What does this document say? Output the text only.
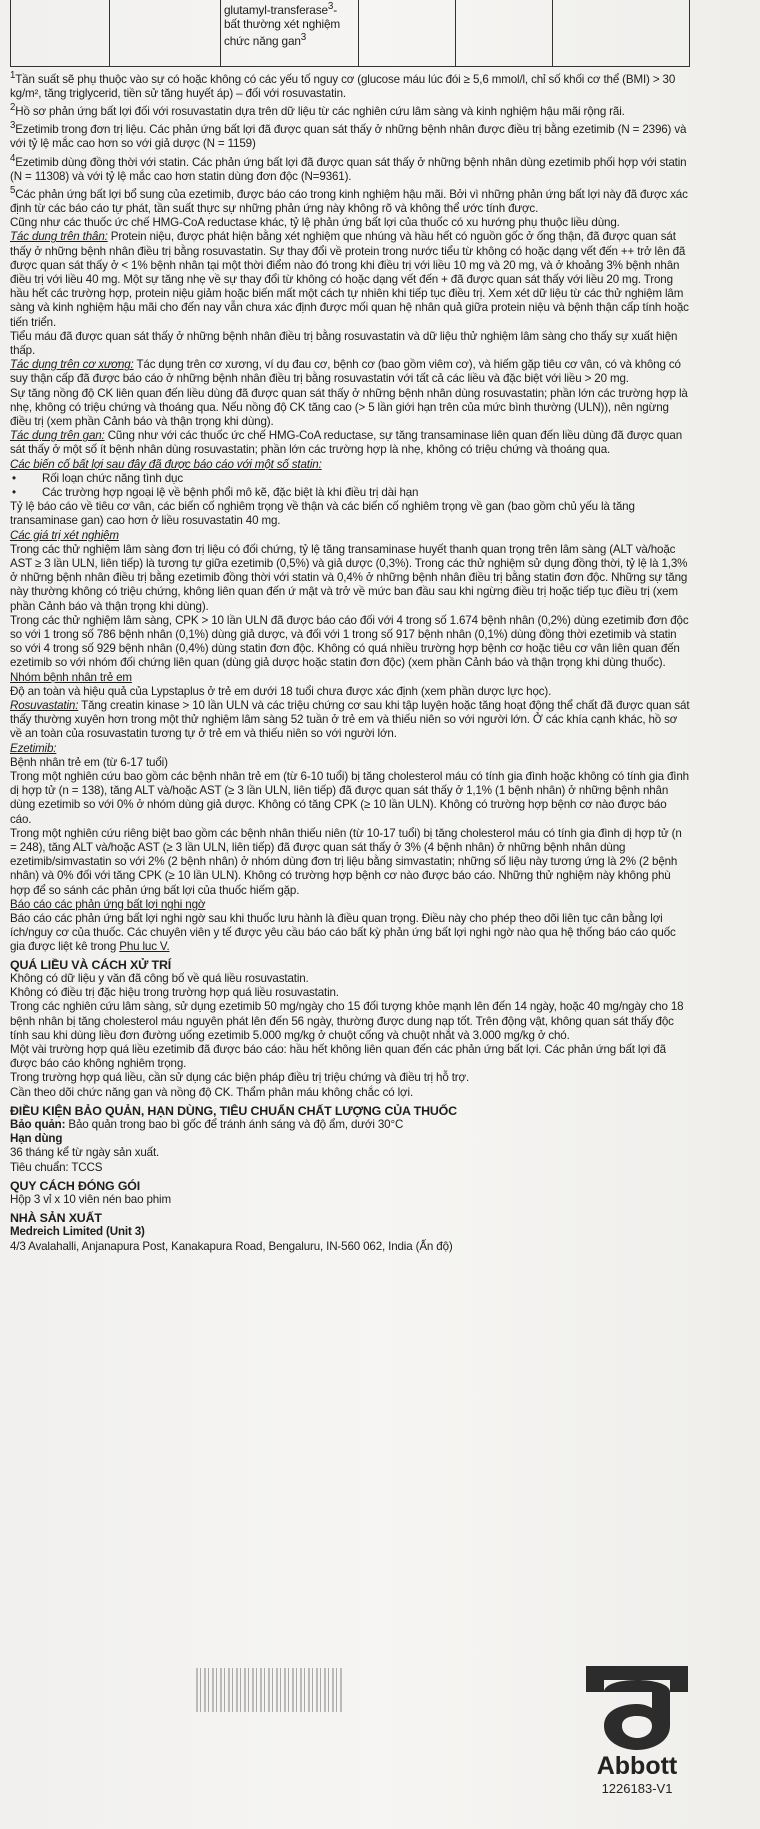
glutamyl-transferase$^3$-
bất thường xét nghiệm
chức năng gan$^3$

$^1$Tần suất sẽ phụ thuộc vào sự có hoặc không có các yếu tố nguy cơ (glucose máu lúc đói ≥ 5,6 mmol/l, chỉ số khối cơ thể (BMI) > 30 kg/m², tăng triglycerid, tiền sử tăng huyết áp) – đối với rosuvastatin.

$^2$Hồ sơ phản ứng bất lợi đối với rosuvastatin dựa trên dữ liệu từ các nghiên cứu lâm sàng và kinh nghiệm hậu mãi rộng rãi.

$^3$Ezetimib trong đơn trị liệu. Các phản ứng bất lợi đã được quan sát thấy ở những bệnh nhân được điều trị bằng ezetimib (N = 2396) và với tỷ lệ mắc cao hơn so với giả dược (N = 1159)

$^4$Ezetimib dùng đồng thời với statin. Các phản ứng bất lợi đã được quan sát thấy ở những bệnh nhân dùng ezetimib phối hợp với statin (N = 11308) và với tỷ lệ mắc cao hơn statin dùng đơn độc (N=9361).

$^5$Các phản ứng bất lợi bổ sung của ezetimib, được báo cáo trong kinh nghiệm hậu mãi. Bởi vì những phản ứng bất lợi này đã được xác định từ các báo cáo tự phát, tần suất thực sự những phản ứng này không rõ và không thể ước tính được.

Cũng như các thuốc ức chế HMG-CoA reductase khác, tỷ lệ phản ứng bất lợi của thuốc có xu hướng phụ thuộc liều dùng.

Tác dụng trên thận: Protein niệu, được phát hiện bằng xét nghiệm que nhúng và hầu hết có nguồn gốc ở ống thận, đã được quan sát thấy ở những bệnh nhân điều trị bằng rosuvastatin. Sự thay đổi về protein trong nước tiểu từ không có hoặc dạng vết đến ++ trở lên đã được quan sát thấy ở < 1% bệnh nhân tại một thời điểm nào đó trong khi điều trị với liều 10 mg và 20 mg, và ở khoảng 3% bệnh nhân điều trị với liều 40 mg. Một sự tăng nhẹ về sự thay đổi từ không có hoặc dạng vết đến + đã được quan sát thấy với liều 20 mg. Trong hầu hết các trường hợp, protein niệu giảm hoặc biến mất một cách tự nhiên khi tiếp tục điều trị. Xem xét dữ liệu từ các thử nghiệm lâm sàng và kinh nghiệm hậu mãi cho đến nay vẫn chưa xác định được mối quan hệ nhân quả giữa protein niệu và bệnh thận cấp tính hoặc tiến triển.

Tiểu máu đã được quan sát thấy ở những bệnh nhân điều trị bằng rosuvastatin và dữ liệu thử nghiệm lâm sàng cho thấy sự xuất hiện thấp.

Tác dụng trên cơ xương: Tác dụng trên cơ xương, ví dụ đau cơ, bệnh cơ (bao gồm viêm cơ), và hiếm gặp tiêu cơ vân, có và không có suy thận cấp đã được báo cáo ở những bệnh nhân điều trị bằng rosuvastatin với tất cả các liều và đặc biệt với liều > 20 mg.

Sự tăng nồng độ CK liên quan đến liều dùng đã được quan sát thấy ở những bệnh nhân dùng rosuvastatin; phần lớn các trường hợp là nhẹ, không có triệu chứng và thoáng qua. Nếu nồng độ CK tăng cao (> 5 lần giới hạn trên của mức bình thường (ULN)), nên ngừng điều trị (xem phần Cảnh báo và thận trọng khi dùng).

Tác dụng trên gan: Cũng như với các thuốc ức chế HMG-CoA reductase, sự tăng transaminase liên quan đến liều dùng đã được quan sát thấy ở một số ít bệnh nhân dùng rosuvastatin; phần lớn các trường hợp là nhẹ, không có triệu chứng và thoáng qua.

Các biến cố bất lợi sau đây đã được báo cáo với một số statin:

•	Rối loạn chức năng tình dục
•	Các trường hợp ngoại lệ về bệnh phổi mô kẽ, đặc biệt là khi điều trị dài hạn

Tỷ lệ báo cáo về tiêu cơ vân, các biến cố nghiêm trọng về thận và các biến cố nghiêm trọng về gan (bao gồm chủ yếu là tăng transaminase gan) cao hơn ở liều rosuvastatin 40 mg.

Các giá trị xét nghiệm

Trong các thử nghiệm lâm sàng đơn trị liệu có đối chứng, tỷ lệ tăng transaminase huyết thanh quan trọng trên lâm sàng (ALT và/hoặc AST ≥ 3 lần ULN, liên tiếp) là tương tự giữa ezetimib (0,5%) và giả dược (0,3%). Trong các thử nghiệm sử dụng đồng thời, tỷ lệ là 1,3% ở những bệnh nhân điều trị bằng ezetimib đồng thời với statin và 0,4% ở những bệnh nhân điều trị bằng statin đơn độc. Những sự tăng này thường không có triệu chứng, không liên quan đến ứ mật và trở về mức ban đầu sau khi ngừng điều trị hoặc tiếp tục điều trị (xem phần Cảnh báo và thận trọng khi dùng).

Trong các thử nghiệm lâm sàng, CPK > 10 lần ULN đã được báo cáo đối với 4 trong số 1.674 bệnh nhân (0,2%) dùng ezetimib đơn độc so với 1 trong số 786 bệnh nhân (0,1%) dùng giả dược, và đối với 1 trong số 917 bệnh nhân (0,1%) dùng đồng thời ezetimib và statin so với 4 trong số 929 bệnh nhân (0,4%) dùng statin đơn độc. Không có quá nhiều trường hợp bệnh cơ hoặc tiêu cơ vân liên quan đến ezetimib so với nhóm đối chứng liên quan (dùng giả dược hoặc statin đơn độc) (xem phần Cảnh báo và thận trọng khi dùng thuốc).

Nhóm bệnh nhân trẻ em

Độ an toàn và hiệu quả của Lypstaplus ở trẻ em dưới 18 tuổi chưa được xác định (xem phần dược lực học).

Rosuvastatin: Tăng creatin kinase > 10 lần ULN và các triệu chứng cơ sau khi tập luyện hoặc tăng hoạt động thể chất đã được quan sát thấy thường xuyên hơn trong một thử nghiệm lâm sàng 52 tuần ở trẻ em và thiếu niên so với người lớn. Ở các khía cạnh khác, hồ sơ về an toàn của rosuvastatin tương tự ở trẻ em và thiếu niên so với người lớn.

Ezetimib:

Bệnh nhân trẻ em (từ 6-17 tuổi)

Trong một nghiên cứu bao gồm các bệnh nhân trẻ em (từ 6-10 tuổi) bị tăng cholesterol máu có tính gia đình hoặc không có tính gia đình dị hợp tử (n = 138), tăng ALT và/hoặc AST (≥ 3 lần ULN, liên tiếp) đã được quan sát thấy ở 1,1% (1 bệnh nhân) ở những bệnh nhân dùng ezetimib so với 0% ở nhóm dùng giả dược. Không có tăng CPK (≥ 10 lần ULN). Không có trường hợp bệnh cơ nào được báo cáo.

Trong một nghiên cứu riêng biệt bao gồm các bệnh nhân thiếu niên (từ 10-17 tuổi) bị tăng cholesterol máu có tính gia đình dị hợp tử (n = 248), tăng ALT và/hoặc AST (≥ 3 lần ULN, liên tiếp) đã được quan sát thấy ở 3% (4 bệnh nhân) ở những bệnh nhân dùng ezetimib/simvastatin so với 2% (2 bệnh nhân) ở nhóm dùng đơn trị liệu bằng simvastatin; những số liệu này tương ứng là 2% (2 bệnh nhân) và 0% đối với tăng CPK (≥ 10 lần ULN). Không có trường hợp bệnh cơ nào được báo cáo. Những thử nghiệm này không phù hợp để so sánh các phản ứng bất lợi của thuốc hiếm gặp.

Báo cáo các phản ứng bất lợi nghi ngờ

Báo cáo các phản ứng bất lợi nghi ngờ sau khi thuốc lưu hành là điều quan trọng. Điều này cho phép theo dõi liên tục cân bằng lợi ích/nguy cơ của thuốc. Các chuyên viên y tế được yêu cầu báo cáo bất kỳ phản ứng bất lợi nghi ngờ nào qua hệ thống báo cáo quốc gia được liệt kê trong Phụ lục V.

QUÁ LIỀU VÀ CÁCH XỬ TRÍ

Không có dữ liệu y văn đã công bố về quá liều rosuvastatin.

Không có điều trị đặc hiệu trong trường hợp quá liều rosuvastatin.

Trong các nghiên cứu lâm sàng, sử dụng ezetimib 50 mg/ngày cho 15 đối tượng khỏe mạnh lên đến 14 ngày, hoặc 40 mg/ngày cho 18 bệnh nhân bị tăng cholesterol máu nguyên phát lên đến 56 ngày, thường được dung nạp tốt. Trên động vật, không quan sát thấy độc tính sau khi dùng liều đơn đường uống ezetimib 5.000 mg/kg ở chuột cống và chuột nhắt và 3.000 mg/kg ở chó.

Một vài trường hợp quá liều ezetimib đã được báo cáo: hầu hết không liên quan đến các phản ứng bất lợi. Các phản ứng bất lợi đã được báo cáo không nghiêm trọng.

Trong trường hợp quá liều, cần sử dụng các biện pháp điều trị triệu chứng và điều trị hỗ trợ.

Cần theo dõi chức năng gan và nồng độ CK. Thẩm phân máu không chắc có lợi.

ĐIỀU KIỆN BẢO QUẢN, HẠN DÙNG, TIÊU CHUẨN CHẤT LƯỢNG CỦA THUỐC

Bảo quản: Bảo quản trong bao bì gốc để tránh ánh sáng và độ ẩm, dưới 30°C

Hạn dùng

36 tháng kể từ ngày sản xuất.

Tiêu chuẩn: TCCS

QUY CÁCH ĐÓNG GÓI

Hộp 3 vỉ x 10 viên nén bao phim

NHÀ SẢN XUẤT

Medreich Limited (Unit 3)

4/3 Avalahalli, Anjanapura Post, Kanakapura Road, Bengaluru, IN-560 062, India (Ấn độ)

Abbott
1226183-V1
